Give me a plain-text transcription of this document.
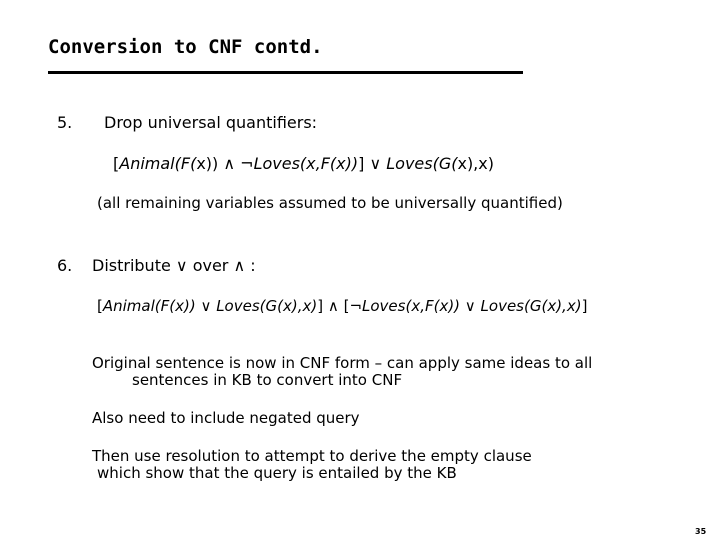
Conversion to CNF contd.
5. Drop universal quantifiers:
[Animal(F(x)) ∧ ¬Loves(x,F(x))] ∨ Loves(G(x),x)
(all remaining variables assumed to be universally quantified)
6. Distribute ∨ over ∧ :
[Animal(F(x)) ∨ Loves(G(x),x)] ∧ [¬Loves(x,F(x)) ∨ Loves(G(x),x)]
Original sentence is now in CNF form – can apply same ideas to all
sentences in KB to convert into CNF
Also need to include negated query
Then use resolution to attempt to derive the empty clause
which show that the query is entailed by the KB
35
